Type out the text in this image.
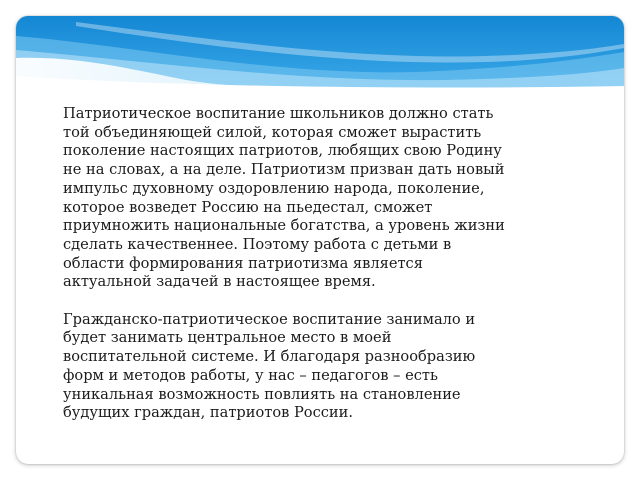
Патриотическое воспитание школьников должно стать
той объединяющей силой, которая сможет вырастить
поколение настоящих патриотов, любящих свою Родину
не на словах, а на деле. Патриотизм призван дать новый
импульс духовному оздоровлению народа, поколение,
которое возведет Россию на пьедестал, сможет
приумножить национальные богатства, а уровень жизни
сделать качественнее. Поэтому работа с детьми в
области формирования патриотизма является
актуальной задачей в настоящее время.

Гражданско-патриотическое воспитание занимало и
будет занимать центральное место в моей
воспитательной системе. И благодаря разнообразию
форм и методов работы, у нас – педагогов – есть
уникальная возможность повлиять на становление
будущих граждан, патриотов России.
